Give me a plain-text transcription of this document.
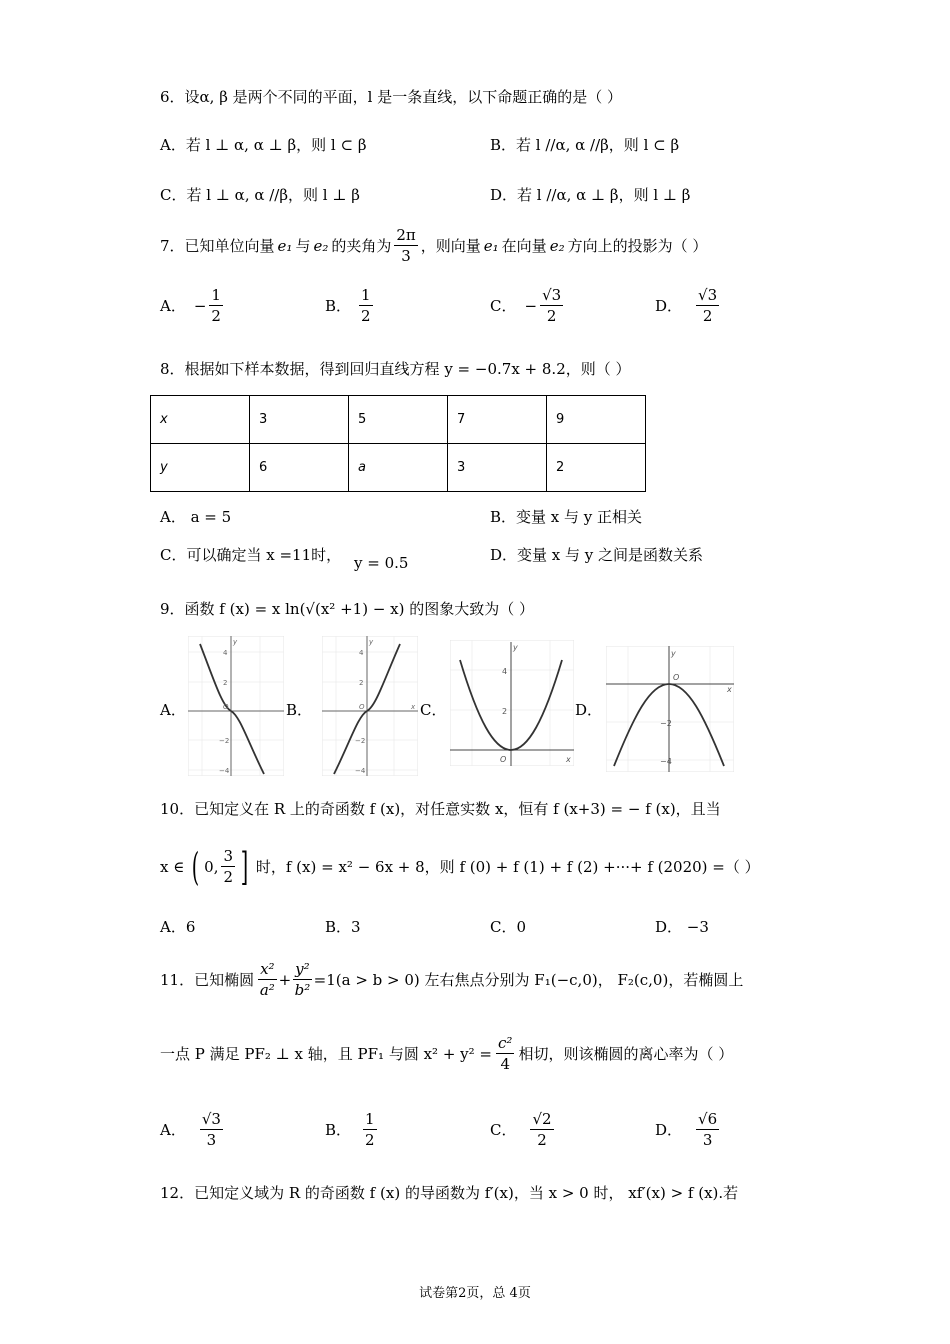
6．设α, β 是两个不同的平面，l 是一条直线，以下命题正确的是（ ）
A．若 l ⊥ α, α ⊥ β，则 l ⊂ β	B．若 l //α, α //β，则 l ⊂ β
C．若 l ⊥ α, α //β，则 l ⊥ β	D．若 l //α, α ⊥ β，则 l ⊥ β
7．已知单位向量 e₁ 与 e₂ 的夹角为 $\frac{2\pi}{3}$ ，则向量 e₁ 在向量 e₂ 方向上的投影为（ ）
A． − $\frac{1}{2}$	B． $\frac{1}{2}$	C． − $\frac{√3}{2}$	D． $\frac{√3}{2}$
8．根据如下样本数据，得到回归直线方程 y = −0.7x + 8.2，则（ ）
x	3	5	7	9
y	6	a	3	2
A． a = 5	B．变量 x 与 y 正相关
C．可以确定当 x =11时， y = 0.5	D．变量 x 与 y 之间是函数关系
9．函数 f (x) = x ln(√(x² +1) − x) 的图象大致为（ ）
A．	B．	C．	D．
4
2
−2
−4
O
y
4
2
−2
−4
O
y
x
4
2
O
y
x
−2
−4
O
y
x
10．已知定义在 R 上的奇函数 f (x)，对任意实数 x，恒有 f (x+3) = − f (x)，且当
x ∈ ( 0, $\frac{3}{2}$ ] 时，f (x) = x² − 6x + 8，则 f (0) + f (1) + f (2) +···+ f (2020) =（ ）
A．6	B．3	C．0	D． −3
11．已知椭圆 $\frac{\text{x²}}{\text{a²}} + \frac{\text{y²}}{\text{b²}} =1(a > b > 0)$ 左右焦点分别为 F₁(−c,0)， F₂(c,0)，若椭圆上
一点 P 满足 PF₂ ⊥ x 轴，且 PF₁ 与圆 $x^2 + y^2 = \frac{\text{c²}}{4}$ 相切，则该椭圆的离心率为（ ）
A． $\frac{√3}{3}$	B． $\frac{1}{2}$	C． $\frac{√2}{2}$	D． $\frac{√6}{3}$
12．已知定义域为 R 的奇函数 f (x) 的导函数为 f′(x)，当 x > 0 时， xf′(x) > f (x).若
试卷第2页，总 4页
